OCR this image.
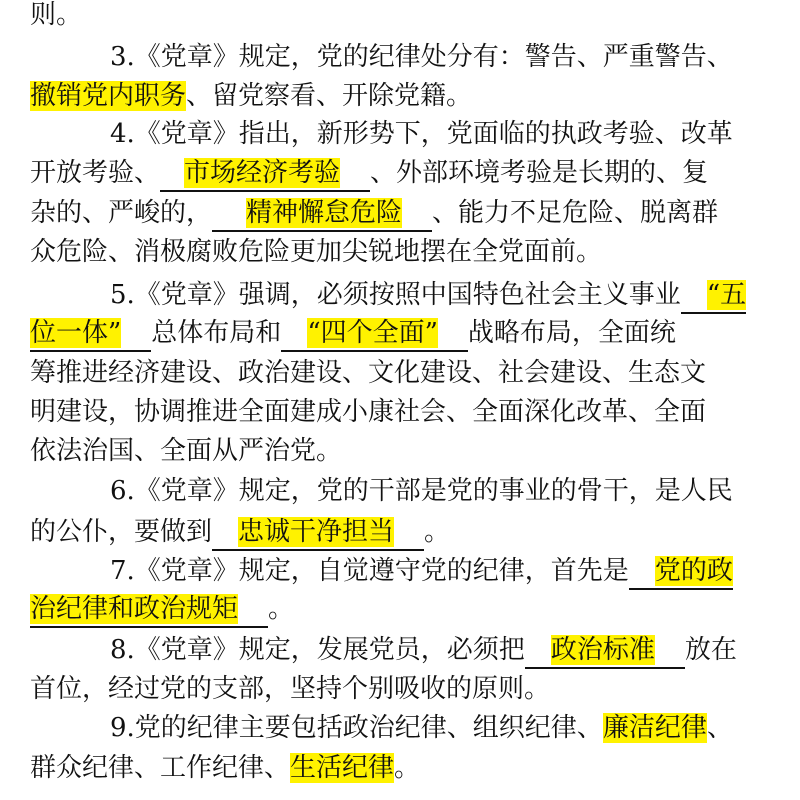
则。
3.《党章》规定，党的纪律处分有：警告、严重警告、
撤销党内职务、留党察看、开除党籍。
4.《党章》指出，新形势下，党面临的执政考验、改革
开放考验、 市场经济考验 、外部环境考验是长期的、复
杂的、严峻的， 精神懈怠危险 、能力不足危险、脱离群
众危险、消极腐败危险更加尖锐地摆在全党面前。
5.《党章》强调，必须按照中国特色社会主义事业 “五
位一体” 总体布局和 “四个全面” 战略布局，全面统
筹推进经济建设、政治建设、文化建设、社会建设、生态文
明建设，协调推进全面建成小康社会、全面深化改革、全面
依法治国、全面从严治党。
6.《党章》规定，党的干部是党的事业的骨干，是人民
的公仆，要做到 忠诚干净担当 。
7.《党章》规定，自觉遵守党的纪律，首先是 党的政
治纪律和政治规矩 。
8.《党章》规定，发展党员，必须把 政治标准 放在
首位，经过党的支部，坚持个别吸收的原则。
9.党的纪律主要包括政治纪律、组织纪律、廉洁纪律、
群众纪律、工作纪律、生活纪律。
